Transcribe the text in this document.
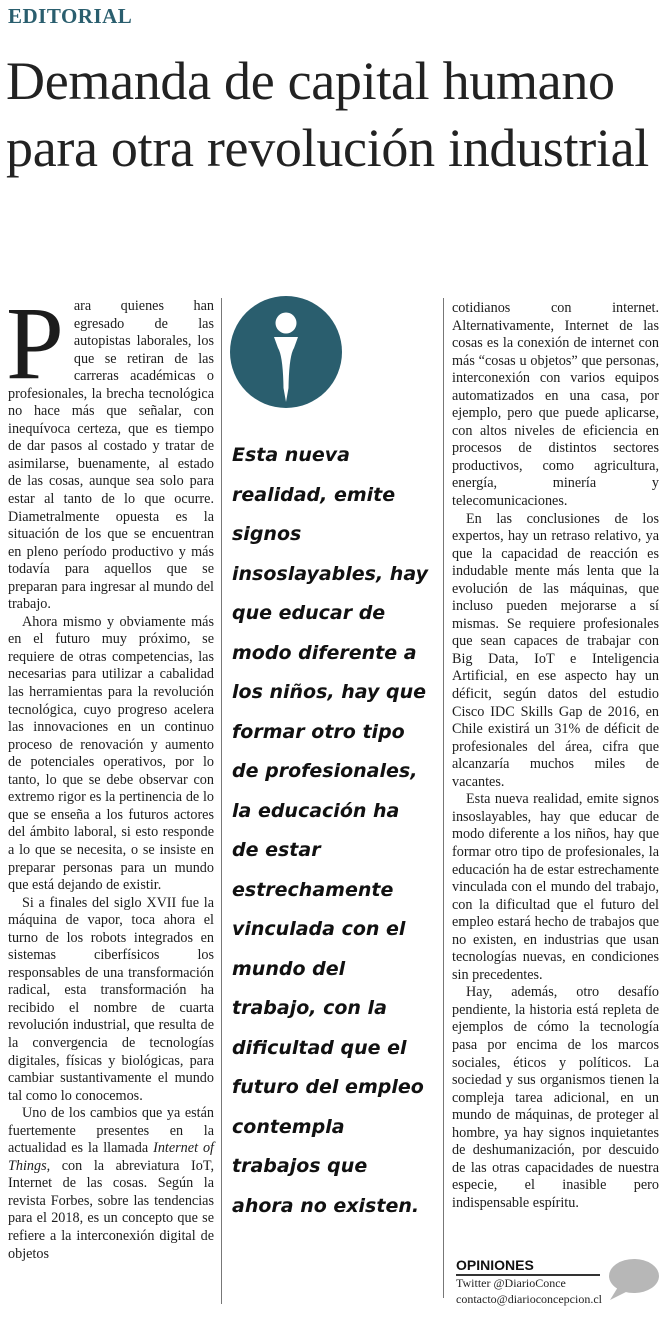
EDITORIAL
Demanda de capital humano para otra revolución industrial

Para quienes han egresado de las autopistas laborales, los que se retiran de las carreras académicas o profesionales, la brecha tecnológica no hace más que señalar, con inequívoca certeza, que es tiempo de dar pasos al costado y tratar de asimilarse, buenamente, al estado de las cosas, aunque sea solo para estar al tanto de lo que ocurre. Diametralmente opuesta es la situación de los que se encuentran en pleno período productivo y más todavía para aquellos que se preparan para ingresar al mundo del trabajo.

Ahora mismo y obviamente más en el futuro muy próximo, se requiere de otras competencias, las necesarias para utilizar a cabalidad las herramientas para la revolución tecnológica, cuyo progreso acelera las innovaciones en un continuo proceso de renovación y aumento de potenciales operativos, por lo tanto, lo que se debe observar con extremo rigor es la pertinencia de lo que se enseña a los futuros actores del ámbito laboral, si esto responde a lo que se necesita, o se insiste en preparar personas para un mundo que está dejando de existir.

Si a finales del siglo XVII fue la máquina de vapor, toca ahora el turno de los robots integrados en sistemas ciberfísicos los responsables de una transformación radical, esta transformación ha recibido el nombre de cuarta revolución industrial, que resulta de la convergencia de tecnologías digitales, físicas y biológicas, para cambiar sustantivamente el mundo tal como lo conocemos.

Uno de los cambios que ya están fuertemente presentes en la actualidad es la llamada Internet of Things, con la abreviatura IoT, Internet de las cosas. Según la revista Forbes, sobre las tendencias para el 2018, es un concepto que se refiere a la interconexión digital de objetos

Esta nueva realidad, emite signos insoslayables, hay que educar de modo diferente a los niños, hay que formar otro tipo de profesionales, la educación ha de estar estrechamente vinculada con el mundo del trabajo, con la dificultad que el futuro del empleo contempla trabajos que ahora no existen.

cotidianos con internet. Alternativamente, Internet de las cosas es la conexión de internet con más “cosas u objetos” que personas, interconexión con varios equipos automatizados en una casa, por ejemplo, pero que puede aplicarse, con altos niveles de eficiencia en procesos de distintos sectores productivos, como agricultura, energía, minería y telecomunicaciones.

En las conclusiones de los expertos, hay un retraso relativo, ya que la capacidad de reacción es indudable mente más lenta que la evolución de las máquinas, que incluso pueden mejorarse a sí mismas. Se requiere profesionales que sean capaces de trabajar con Big Data, IoT e Inteligencia Artificial, en ese aspecto hay un déficit, según datos del estudio Cisco IDC Skills Gap de 2016, en Chile existirá un 31% de déficit de profesionales del área, cifra que alcanzaría muchos miles de vacantes.

Esta nueva realidad, emite signos insoslayables, hay que educar de modo diferente a los niños, hay que formar otro tipo de profesionales, la educación ha de estar estrechamente vinculada con el mundo del trabajo, con la dificultad que el futuro del empleo estará hecho de trabajos que no existen, en industrias que usan tecnologías nuevas, en condiciones sin precedentes.

Hay, además, otro desafío pendiente, la historia está repleta de ejemplos de cómo la tecnología pasa por encima de los marcos sociales, éticos y políticos. La sociedad y sus organismos tienen la compleja tarea adicional, en un mundo de máquinas, de proteger al hombre, ya hay signos inquietantes de deshumanización, por descuido de las otras capacidades de nuestra especie, el inasible pero indispensable espíritu.

OPINIONES
Twitter @DiarioConce
contacto@diarioconcepcion.cl
